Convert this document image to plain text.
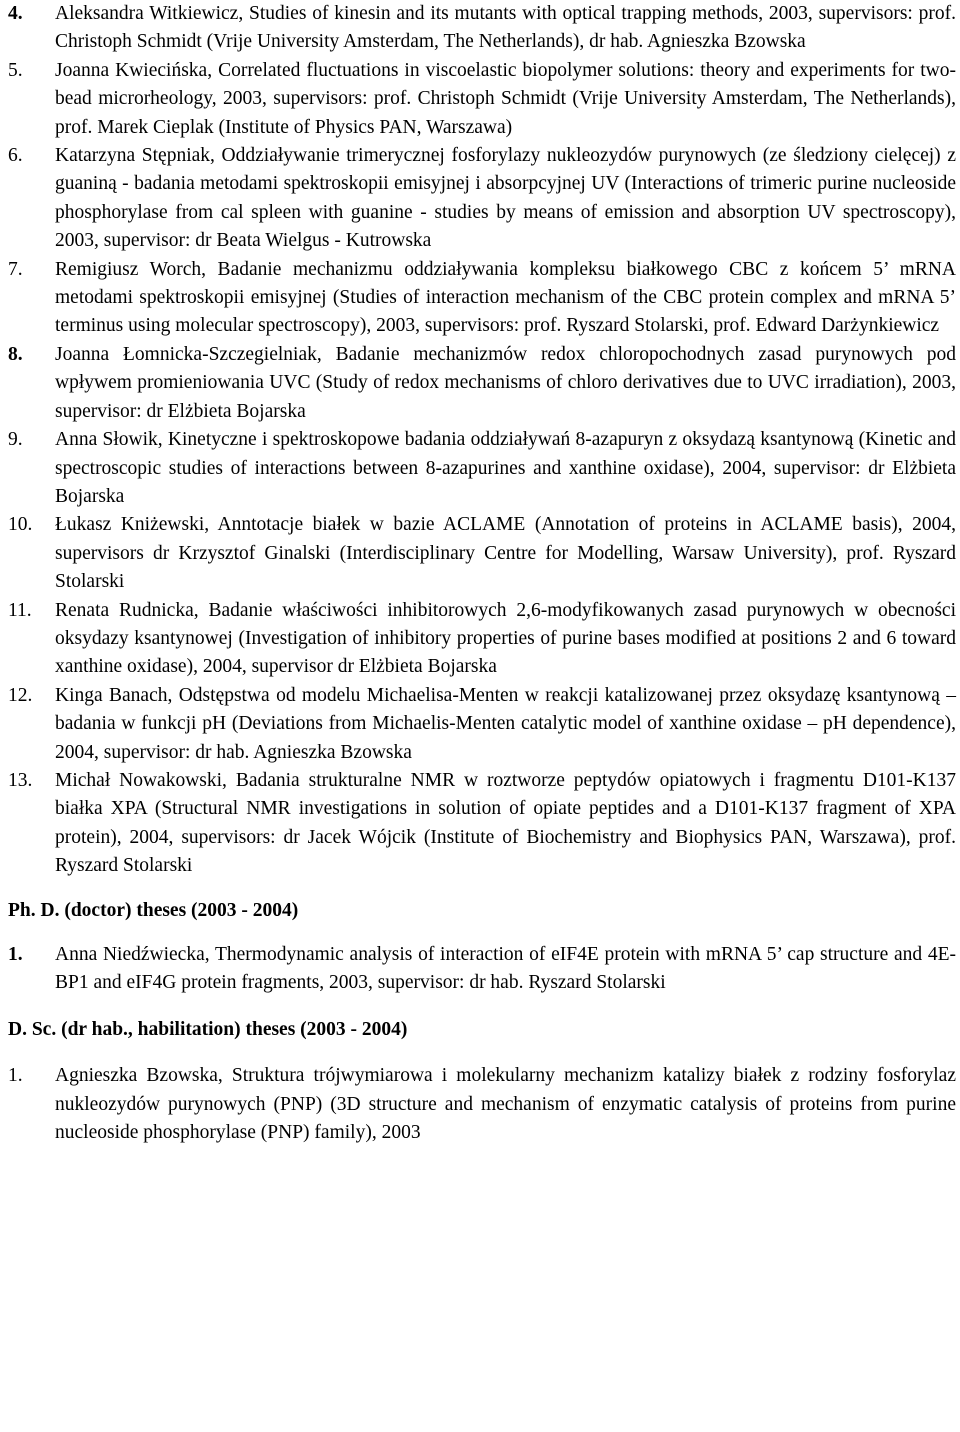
4.	Aleksandra Witkiewicz, Studies of kinesin and its mutants with optical trapping methods, 2003, supervisors: prof. Christoph Schmidt (Vrije University Amsterdam, The Netherlands), dr hab. Agnieszka Bzowska
5.	Joanna Kwiecińska, Correlated fluctuations in viscoelastic biopolymer solutions: theory and experiments for two-bead microrheology, 2003, supervisors: prof. Christoph Schmidt (Vrije University Amsterdam, The Netherlands), prof. Marek Cieplak (Institute of Physics PAN, Warszawa)
6.	Katarzyna Stępniak, Oddziaływanie trimerycznej fosforylazy nukleozydów purynowych (ze śledziony cielęcej) z guaniną - badania metodami spektroskopii emisyjnej i absorpcyjnej UV (Interactions of trimeric purine nucleoside phosphorylase from cal spleen with guanine - studies by means of emission and absorption UV spectroscopy), 2003, supervisor: dr Beata Wielgus - Kutrowska
7.	Remigiusz Worch, Badanie mechanizmu oddziaływania kompleksu białkowego CBC z końcem 5’ mRNA metodami spektroskopii emisyjnej (Studies of interaction mechanism of the CBC protein complex and mRNA 5’ terminus using molecular spectroscopy), 2003, supervisors: prof. Ryszard Stolarski, prof. Edward Darżynkiewicz
8.	Joanna Łomnicka-Szczegielniak, Badanie mechanizmów redox chloropochodnych zasad purynowych pod wpływem promieniowania UVC (Study of redox mechanisms of chloro derivatives due to UVC irradiation), 2003, supervisor: dr Elżbieta Bojarska
9.	Anna Słowik, Kinetyczne i spektroskopowe badania oddziaływań 8-azapuryn z oksydazą ksantynową (Kinetic and spectroscopic studies of interactions between 8-azapurines and xanthine oxidase), 2004, supervisor: dr Elżbieta Bojarska
10.	Łukasz Kniżewski, Anntotacje białek w bazie ACLAME (Annotation of proteins in ACLAME basis), 2004, supervisors dr Krzysztof Ginalski (Interdisciplinary Centre for Modelling, Warsaw University), prof. Ryszard Stolarski
11.	Renata Rudnicka, Badanie właściwości inhibitorowych 2,6-modyfikowanych zasad purynowych w obecności oksydazy ksantynowej (Investigation of inhibitory properties of purine bases modified at positions 2 and 6 toward xanthine oxidase), 2004, supervisor dr Elżbieta Bojarska
12.	Kinga Banach, Odstępstwa od modelu Michaelisa-Menten w reakcji katalizowanej przez oksydazę ksantynową – badania w funkcji pH (Deviations from Michaelis-Menten catalytic model of xanthine oxidase – pH dependence), 2004, supervisor: dr hab. Agnieszka Bzowska
13.	Michał Nowakowski, Badania strukturalne NMR w roztworze peptydów opiatowych i fragmentu D101-K137 białka XPA (Structural NMR investigations in solution of opiate peptides and a D101-K137 fragment of XPA protein), 2004, supervisors: dr Jacek Wójcik (Institute of Biochemistry and Biophysics PAN, Warszawa), prof. Ryszard Stolarski
Ph. D. (doctor) theses (2003 - 2004)
1.	Anna Niedźwiecka, Thermodynamic analysis of interaction of eIF4E protein with mRNA 5’ cap structure and 4E-BP1 and eIF4G protein fragments, 2003, supervisor: dr hab. Ryszard Stolarski
D. Sc. (dr hab., habilitation) theses (2003 - 2004)
1.	Agnieszka Bzowska, Struktura trójwymiarowa i molekularny mechanizm katalizy białek z rodziny fosforylaz nukleozydów purynowych (PNP) (3D structure and mechanism of enzymatic catalysis of proteins from purine nucleoside phosphorylase (PNP) family), 2003
